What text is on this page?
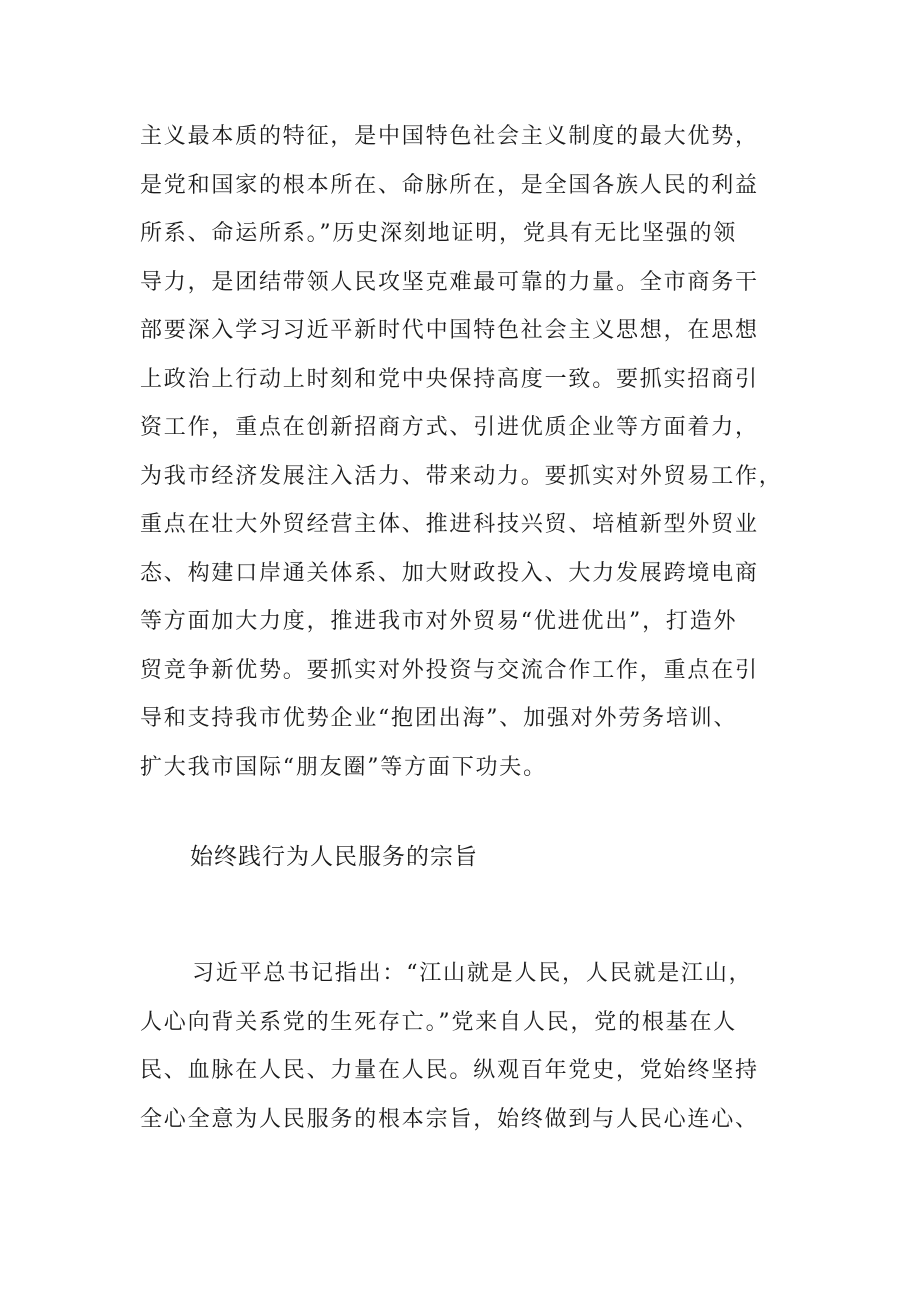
主义最本质的特征，是中国特色社会主义制度的最大优势，
是党和国家的根本所在、命脉所在，是全国各族人民的利益
所系、命运所系。”历史深刻地证明，党具有无比坚强的领
导力，是团结带领人民攻坚克难最可靠的力量。全市商务干
部要深入学习习近平新时代中国特色社会主义思想，在思想
上政治上行动上时刻和党中央保持高度一致。要抓实招商引
资工作，重点在创新招商方式、引进优质企业等方面着力，
为我市经济发展注入活力、带来动力。要抓实对外贸易工作，
重点在壮大外贸经营主体、推进科技兴贸、培植新型外贸业
态、构建口岸通关体系、加大财政投入、大力发展跨境电商
等方面加大力度，推进我市对外贸易“优进优出”，打造外
贸竞争新优势。要抓实对外投资与交流合作工作，重点在引
导和支持我市优势企业“抱团出海”、加强对外劳务培训、
扩大我市国际“朋友圈”等方面下功夫。
始终践行为人民服务的宗旨
习近平总书记指出：“江山就是人民，人民就是江山，
人心向背关系党的生死存亡。”党来自人民，党的根基在人
民、血脉在人民、力量在人民。纵观百年党史，党始终坚持
全心全意为人民服务的根本宗旨，始终做到与人民心连心、
